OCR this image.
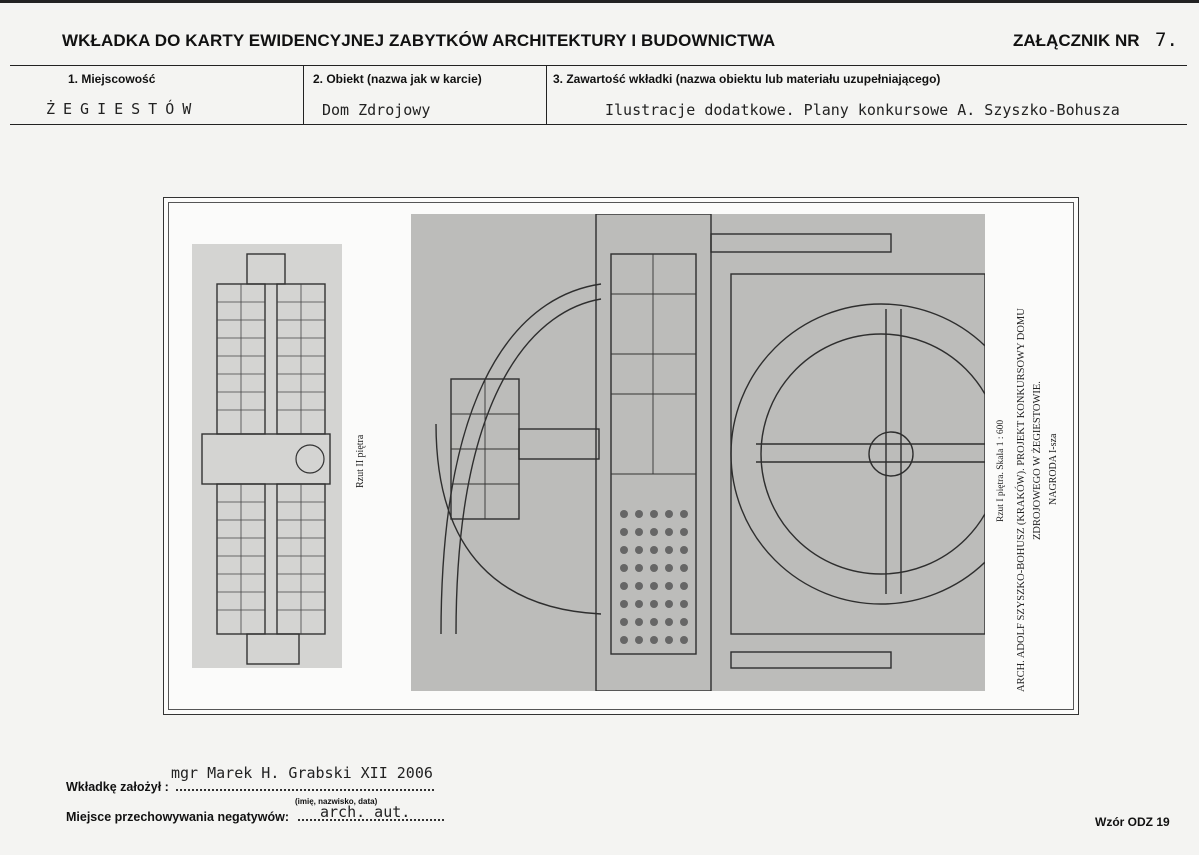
WKŁADKA DO KARTY EWIDENCYJNEJ ZABYTKÓW ARCHITEKTURY I BUDOWNICTWA	ZAŁĄCZNIK NR 7.
1. Miejscowość	2. Obiekt (nazwa jak w karcie)	3. Zawartość wkładki (nazwa obiektu lub materiału uzupełniającego)
ŻEGIESTÓW	Dom Zdrojowy	Ilustracje dodatkowe. Plany konkursowe A. Szyszko-Bohusza
Rzut II piętra	Rzut I piętra. Skala 1 : 600 ARCH. ADOLF SZYSZKO-BOHUSZ (KRAKÓW). PROJEKT KONKURSOWY DOMU ZDROJOWEGO W ŻEGIESTOWIE. NAGRODA I-sza
Wkładkę założył :
mgr Marek H. Grabski XII 2006
(imię, nazwisko, data)
Miejsce przechowywania negatywów: arch. aut.
Wzór ODZ 19
